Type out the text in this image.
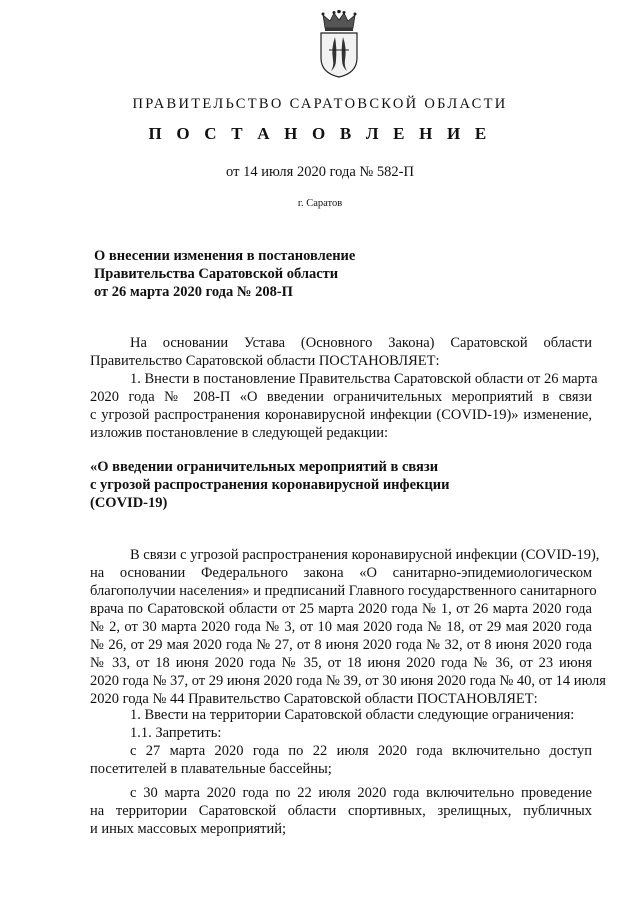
ПРАВИТЕЛЬСТВО САРАТОВСКОЙ ОБЛАСТИ
П О С Т А Н О В Л Е Н И Е
от 14 июля 2020 года № 582-П
г. Саратов
О внесении изменения в постановление
Правительства Саратовской области
от 26 марта 2020 года № 208-П
На основании Устава (Основного Закона) Саратовской области
Правительство Саратовской области ПОСТАНОВЛЯЕТ:
1. Внести в постановление Правительства Саратовской области от 26 марта
2020 года № 208-П «О введении ограничительных мероприятий в связи
с угрозой распространения коронавирусной инфекции (COVID-19)» изменение,
изложив постановление в следующей редакции:
«О введении ограничительных мероприятий в связи
с угрозой распространения коронавирусной инфекции
(COVID-19)
В связи с угрозой распространения коронавирусной инфекции (COVID-19),
на основании Федерального закона «О санитарно-эпидемиологическом
благополучии населения» и предписаний Главного государственного санитарного
врача по Саратовской области от 25 марта 2020 года № 1, от 26 марта 2020 года
№ 2, от 30 марта 2020 года № 3, от 10 мая 2020 года № 18, от 29 мая 2020 года
№ 26, от 29 мая 2020 года № 27, от 8 июня 2020 года № 32, от 8 июня 2020 года
№ 33, от 18 июня 2020 года № 35, от 18 июня 2020 года № 36, от 23 июня
2020 года № 37, от 29 июня 2020 года № 39, от 30 июня 2020 года № 40, от 14 июля
2020 года № 44 Правительство Саратовской области ПОСТАНОВЛЯЕТ:
1. Ввести на территории Саратовской области следующие ограничения:
1.1. Запретить:
с 27 марта 2020 года по 22 июля 2020 года включительно доступ
посетителей в плавательные бассейны;
с 30 марта 2020 года по 22 июля 2020 года включительно проведение
на территории Саратовской области спортивных, зрелищных, публичных
и иных массовых мероприятий;
